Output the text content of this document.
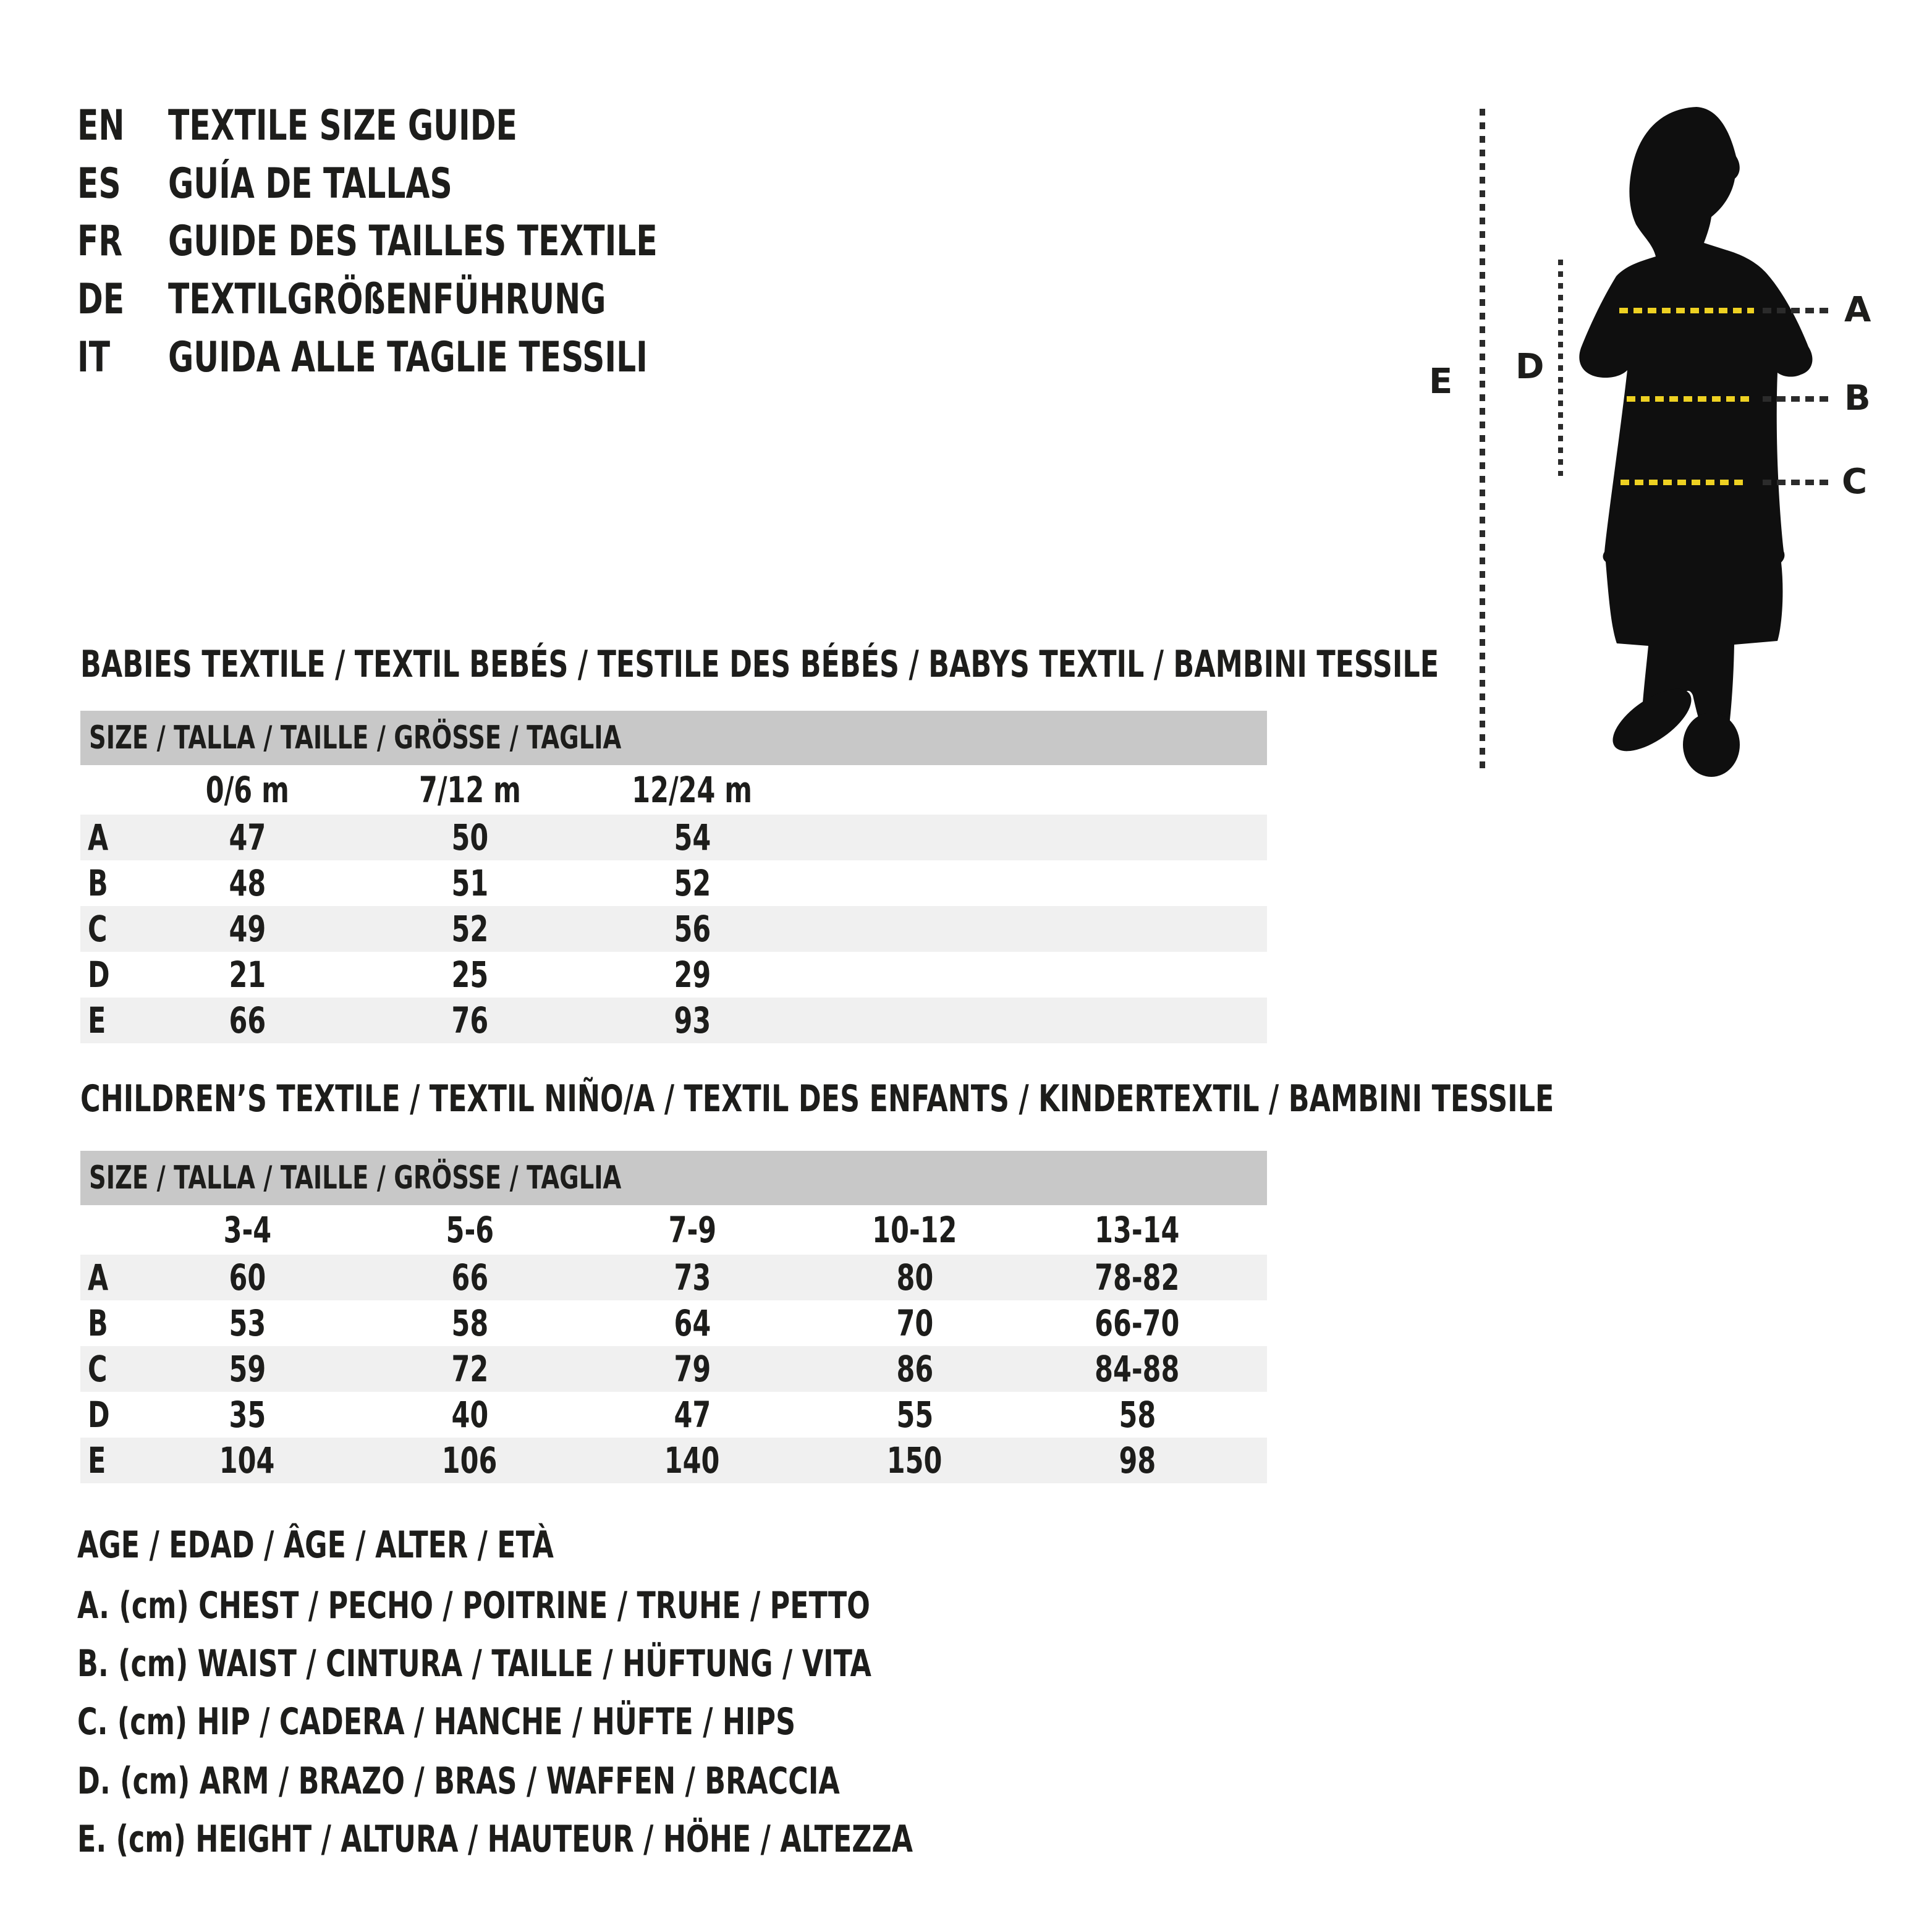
EN TEXTILE SIZE GUIDE
ES GUÍA DE TALLAS
FR GUIDE DES TAILLES TEXTILE
DE TEXTILGRÖßENFÜHRUNG
IT GUIDA ALLE TAGLIE TESSILI
A
B
C
D
E
BABIES TEXTILE / TEXTIL BEBÉS / TESTILE DES BÉBÉS / BABYS TEXTIL / BAMBINI TESSILE
SIZE / TALLA / TAILLE / GRÖSSE / TAGLIA
	0/6 m	7/12 m	12/24 m	
A	47	50	54	
B	48	51	52	
C	49	52	56	
D	21	25	29	
E	66	76	93	
CHILDREN’S TEXTILE / TEXTIL NIÑO/A / TEXTIL DES ENFANTS / KINDERTEXTIL / BAMBINI TESSILE
SIZE / TALLA / TAILLE / GRÖSSE / TAGLIA
	3-4	5-6	7-9	10-12	13-14	
A	60	66	73	80	78-82	
B	53	58	64	70	66-70	
C	59	72	79	86	84-88	
D	35	40	47	55	58	
E	104	106	140	150	98	
AGE / EDAD / ÂGE / ALTER / ETÀ
A. (cm) CHEST / PECHO / POITRINE / TRUHE / PETTO
B. (cm) WAIST / CINTURA / TAILLE / HÜFTUNG / VITA
C. (cm) HIP / CADERA / HANCHE / HÜFTE / HIPS
D. (cm) ARM / BRAZO / BRAS / WAFFEN / BRACCIA
E. (cm) HEIGHT / ALTURA / HAUTEUR / HÖHE / ALTEZZA
